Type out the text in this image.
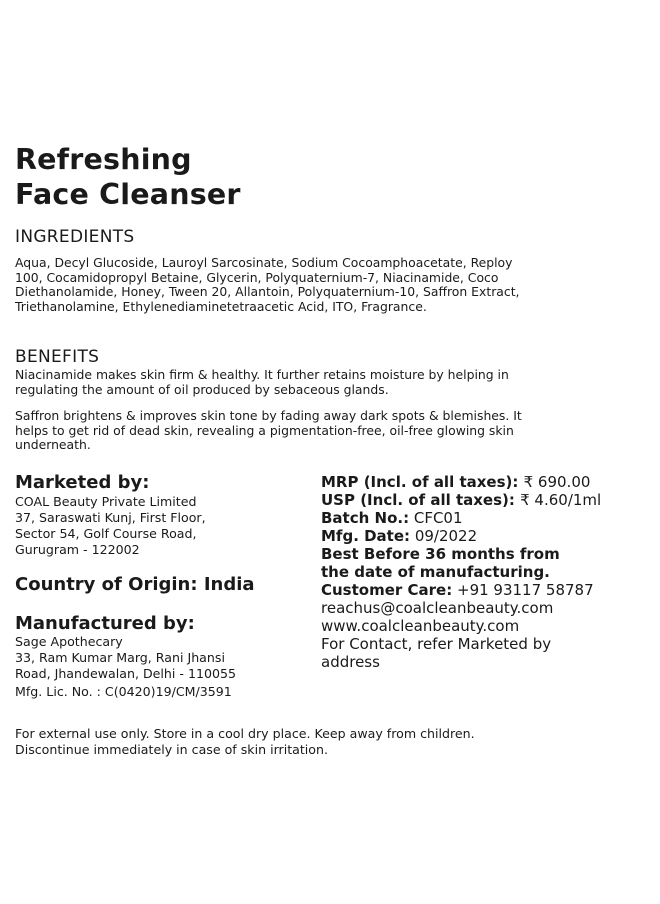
Refreshing
Face Cleanser
INGREDIENTS
Aqua, Decyl Glucoside, Lauroyl Sarcosinate, Sodium Cocoamphoacetate, Reploy
100, Cocamidopropyl Betaine, Glycerin, Polyquaternium-7, Niacinamide, Coco
Diethanolamide, Honey, Tween 20, Allantoin, Polyquaternium-10, Saffron Extract,
Triethanolamine, Ethylenediaminetetraacetic Acid, ITO, Fragrance.
BENEFITS
Niacinamide makes skin firm & healthy. It further retains moisture by helping in
regulating the amount of oil produced by sebaceous glands.
Saffron brightens & improves skin tone by fading away dark spots & blemishes. It
helps to get rid of dead skin, revealing a pigmentation-free, oil-free glowing skin
underneath.
Marketed by:
COAL Beauty Private Limited
37, Saraswati Kunj, First Floor,
Sector 54, Golf Course Road,
Gurugram - 122002
Country of Origin: India
Manufactured by:
Sage Apothecary
33, Ram Kumar Marg, Rani Jhansi
Road, Jhandewalan, Delhi - 110055
Mfg. Lic. No. : C(0420)19/CM/3591
MRP (Incl. of all taxes): ₹ 690.00
USP (Incl. of all taxes): ₹ 4.60/1ml
Batch No.: CFC01
Mfg. Date: 09/2022
Best Before 36 months from
the date of manufacturing.
Customer Care: +91 93117 58787
reachus@coalcleanbeauty.com
www.coalcleanbeauty.com
For Contact, refer Marketed by
address
For external use only. Store in a cool dry place. Keep away from children.
Discontinue immediately in case of skin irritation.
